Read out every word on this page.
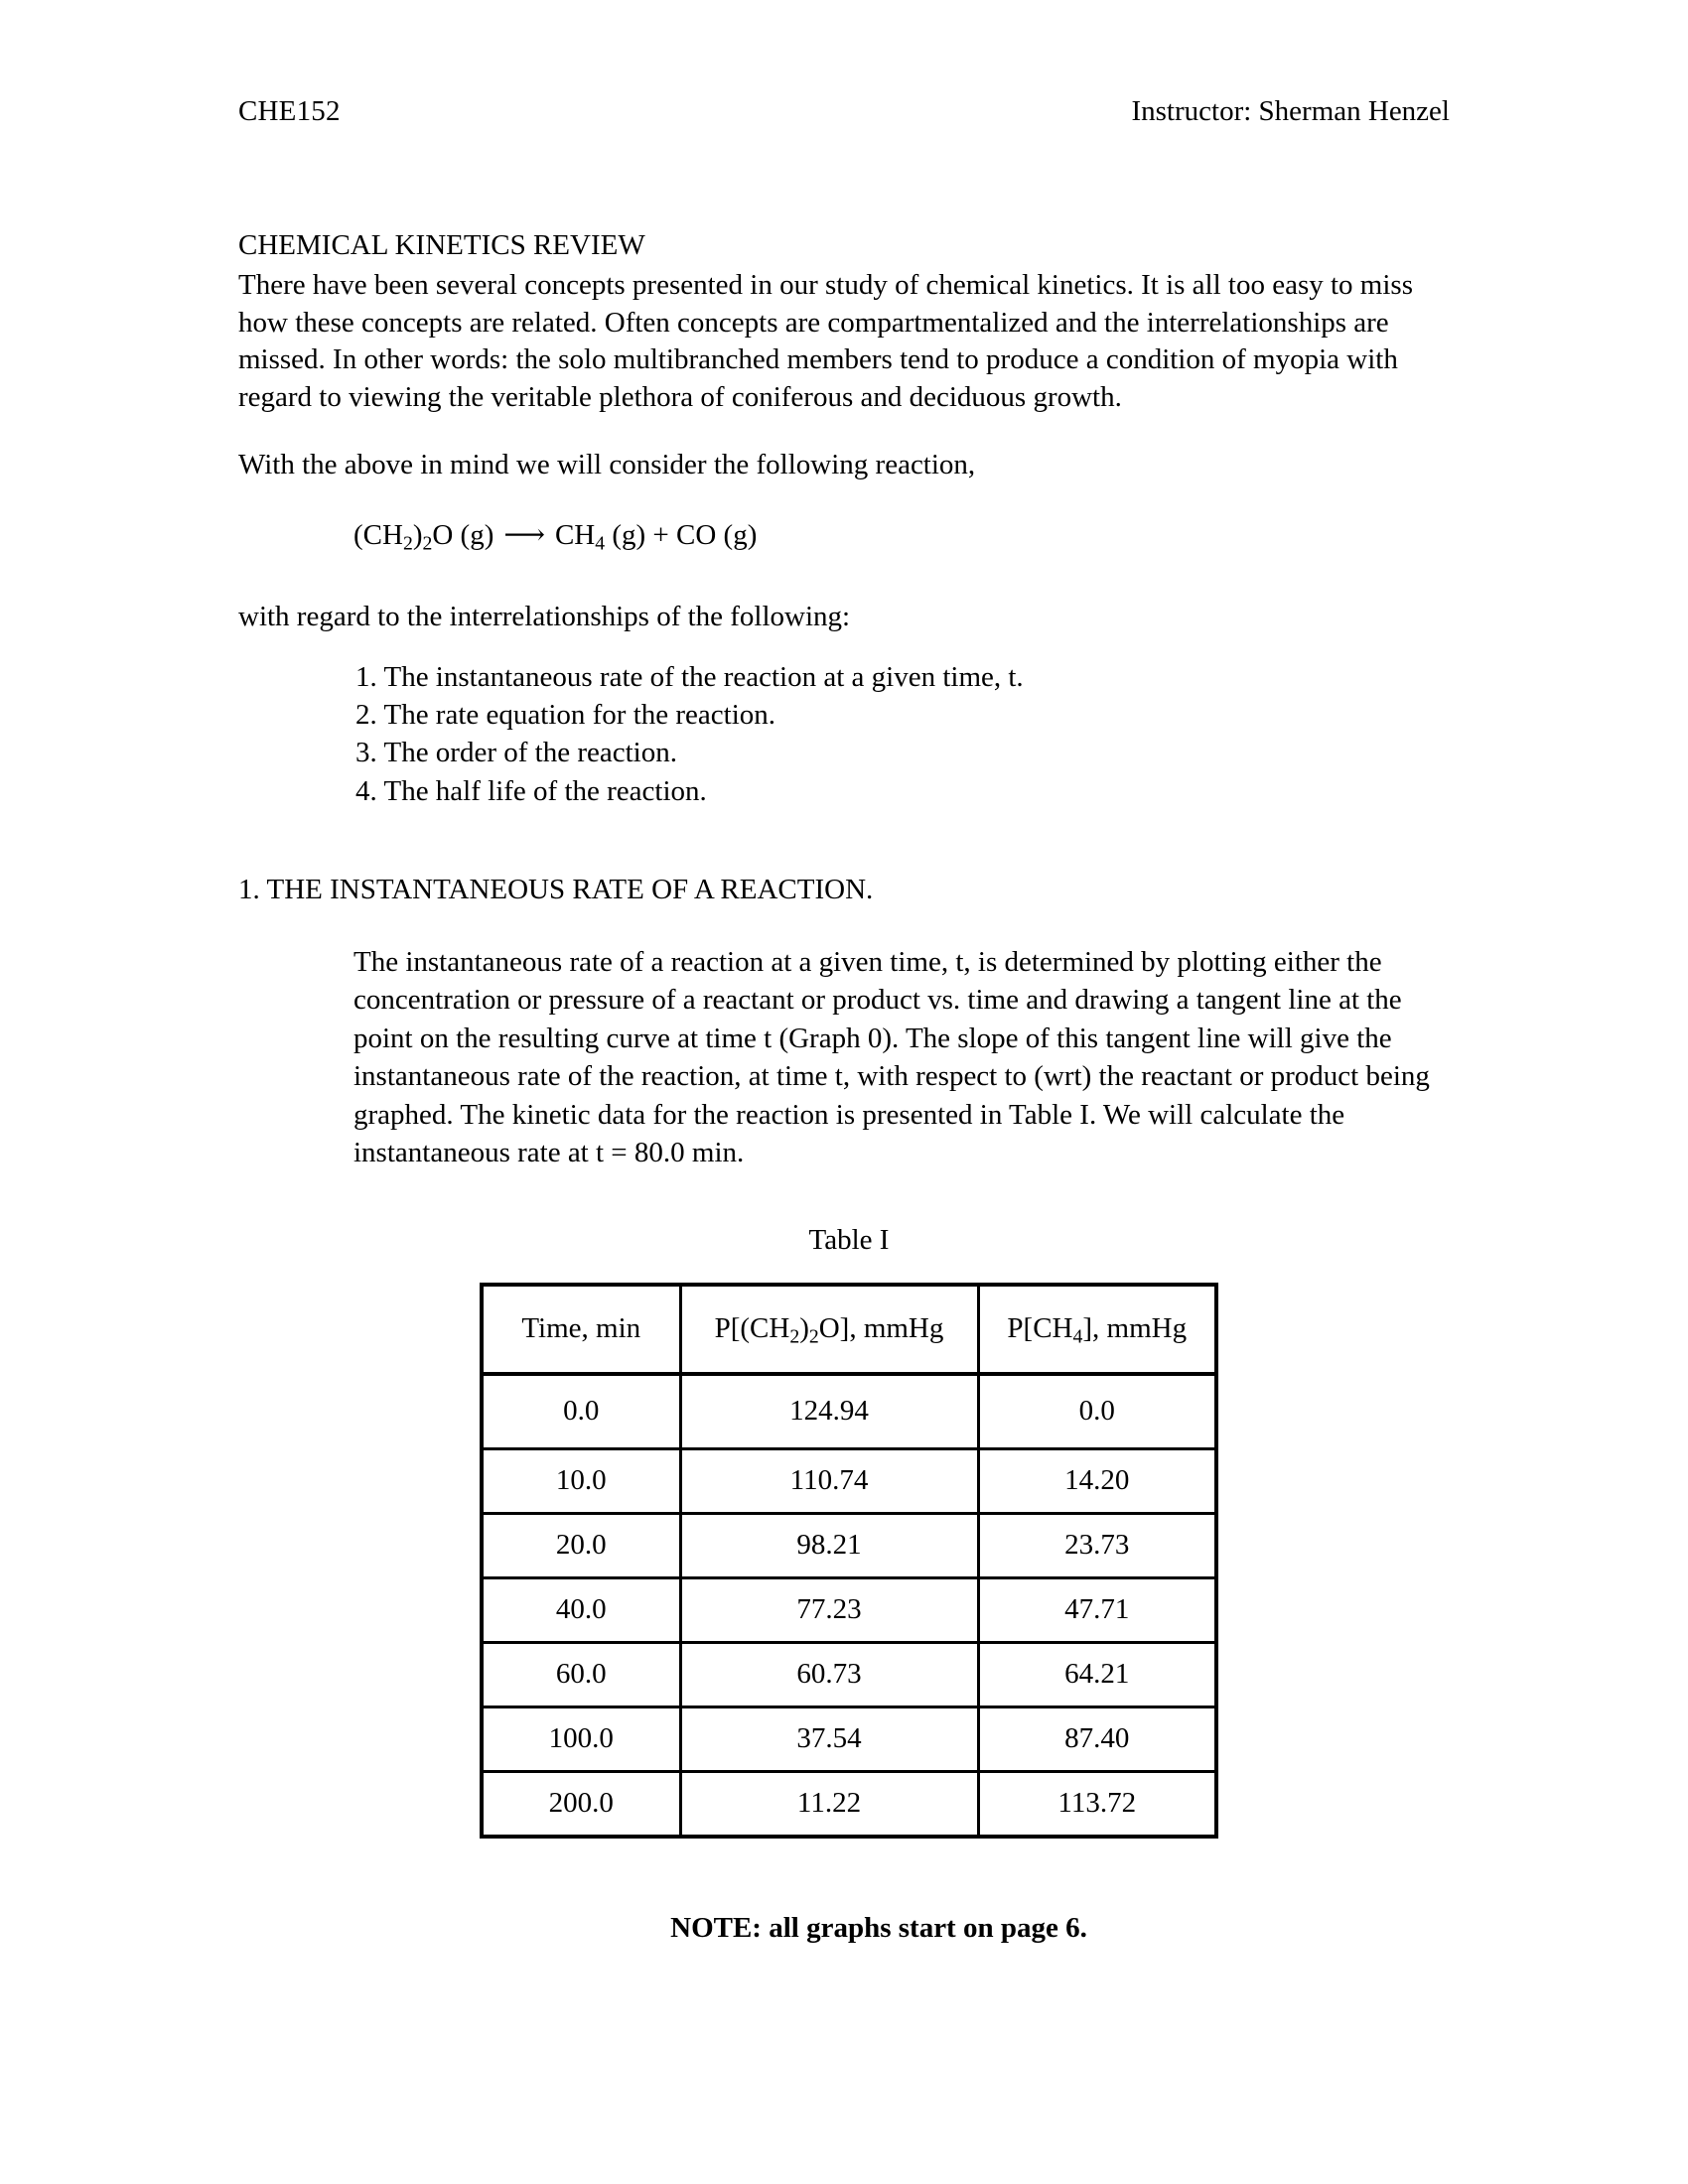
CHE152	Instructor: Sherman Henzel
CHEMICAL KINETICS REVIEW

There have been several concepts presented in our study of chemical kinetics. It is all too easy to miss how these concepts are related. Often concepts are compartmentalized and the interrelationships are missed. In other words: the solo multibranched members tend to produce a condition of myopia with regard to viewing the veritable plethora of coniferous and deciduous growth.

With the above in mind we will consider the following reaction,

$(CH_2)_2O$ (g) ⟶ $CH_4$ (g) + CO (g)

with regard to the interrelationships of the following:

1. The instantaneous rate of the reaction at a given time, t.
2. The rate equation for the reaction.
3. The order of the reaction.
4. The half life of the reaction.
1. THE INSTANTANEOUS RATE OF A REACTION.
The instantaneous rate of a reaction at a given time, t, is determined by plotting either the concentration or pressure of a reactant or product vs. time and drawing a tangent line at the point on the resulting curve at time t (Graph 0). The slope of this tangent line will give the instantaneous rate of the reaction, at time t, with respect to (wrt) the reactant or product being graphed. The kinetic data for the reaction is presented in Table I. We will calculate the instantaneous rate at t = 80.0 min.
Table I
Time, min	$P[(CH_2)_2O]$, mmHg	$P[CH_4]$, mmHg
0.0	124.94	0.0
10.0	110.74	14.20
20.0	98.21	23.73
40.0	77.23	47.71
60.0	60.73	64.21
100.0	37.54	87.40
200.0	11.22	113.72
NOTE: all graphs start on page 6.
